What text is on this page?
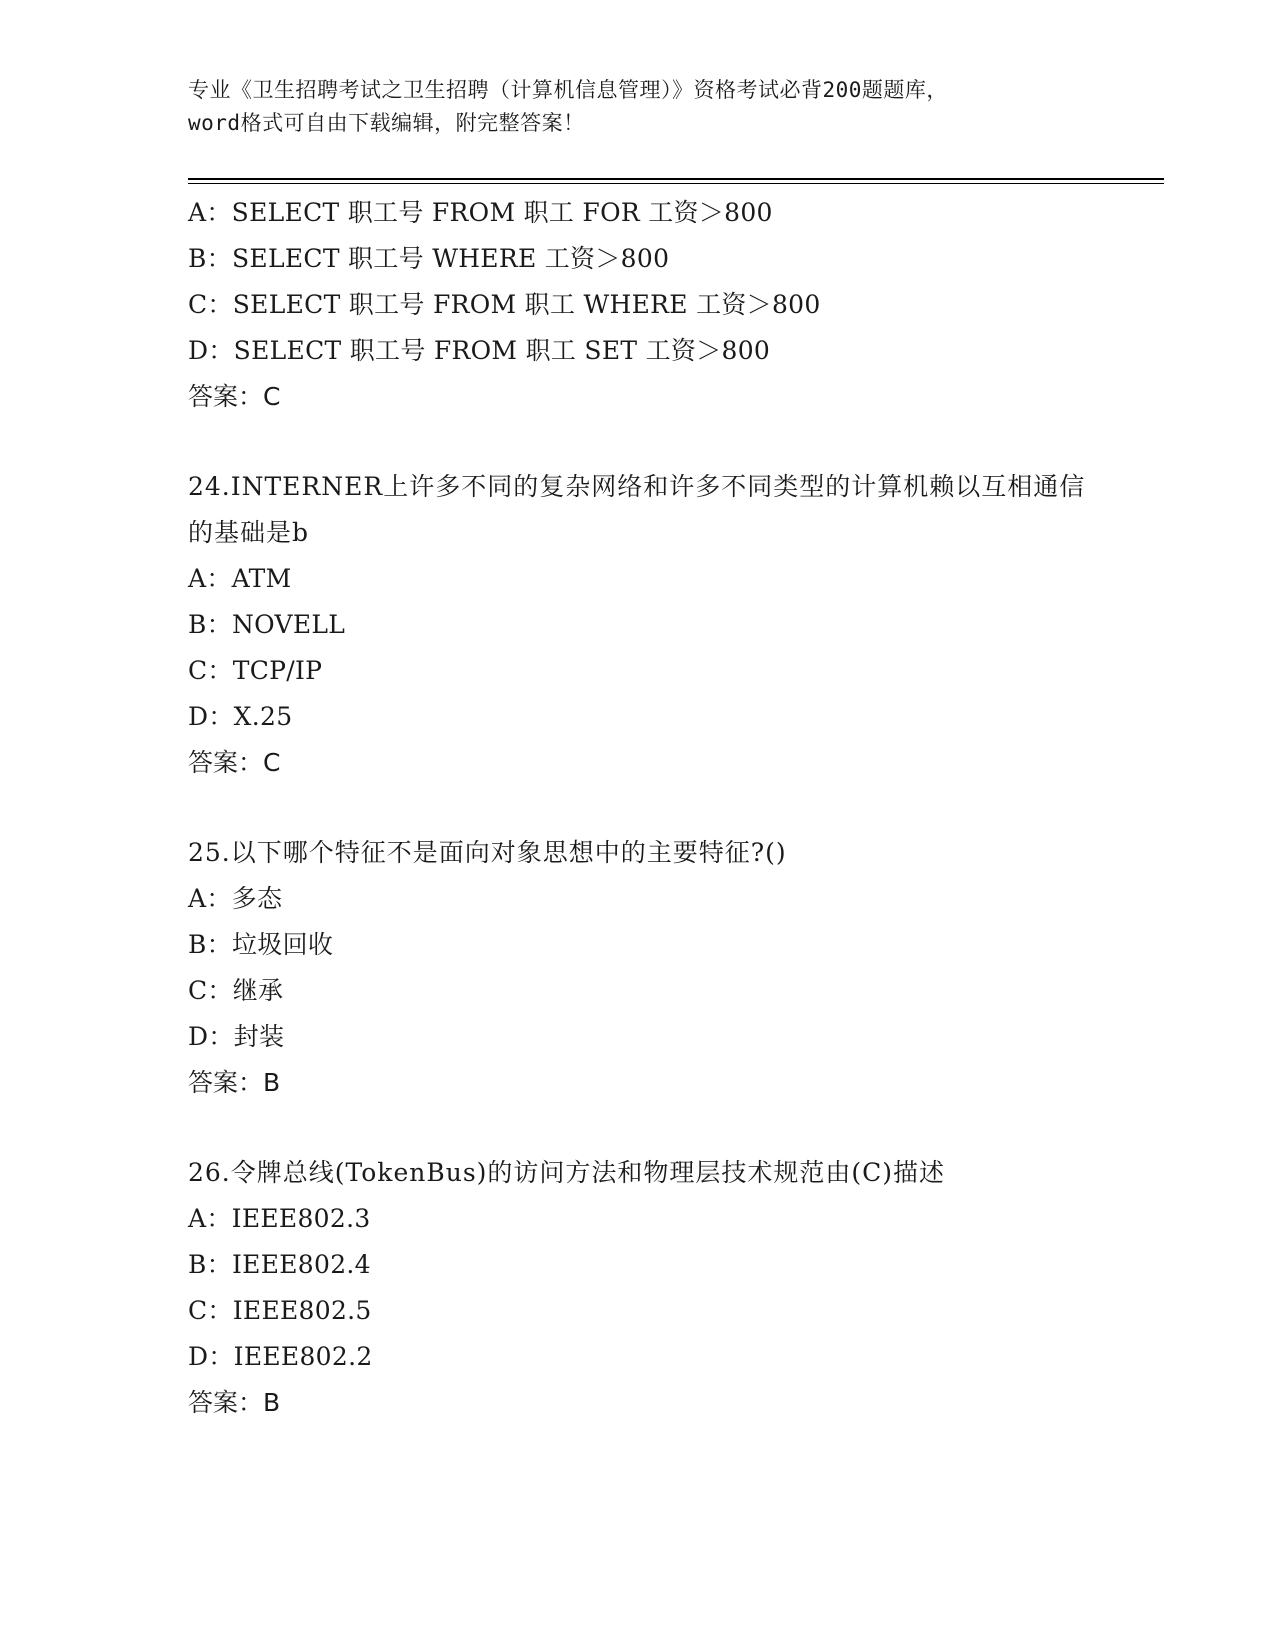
专业《卫生招聘考试之卫生招聘（计算机信息管理）》资格考试必背200题题库，
word格式可自由下载编辑，附完整答案！
A：SELECT 职工号 FROM 职工 FOR 工资＞800
B：SELECT 职工号 WHERE 工资＞800
C：SELECT 职工号 FROM 职工 WHERE 工资＞800
D：SELECT 职工号 FROM 职工 SET 工资＞800
答案：C
24.INTERNER上许多不同的复杂网络和许多不同类型的计算机赖以互相通信的基础是b
A：ATM
B：NOVELL
C：TCP/IP
D：X.25
答案：C
25.以下哪个特征不是面向对象思想中的主要特征?()
A：多态
B：垃圾回收
C：继承
D：封装
答案：B
26.令牌总线(TokenBus)的访问方法和物理层技术规范由(C)描述
A：IEEE802.3
B：IEEE802.4
C：IEEE802.5
D：IEEE802.2
答案：B
